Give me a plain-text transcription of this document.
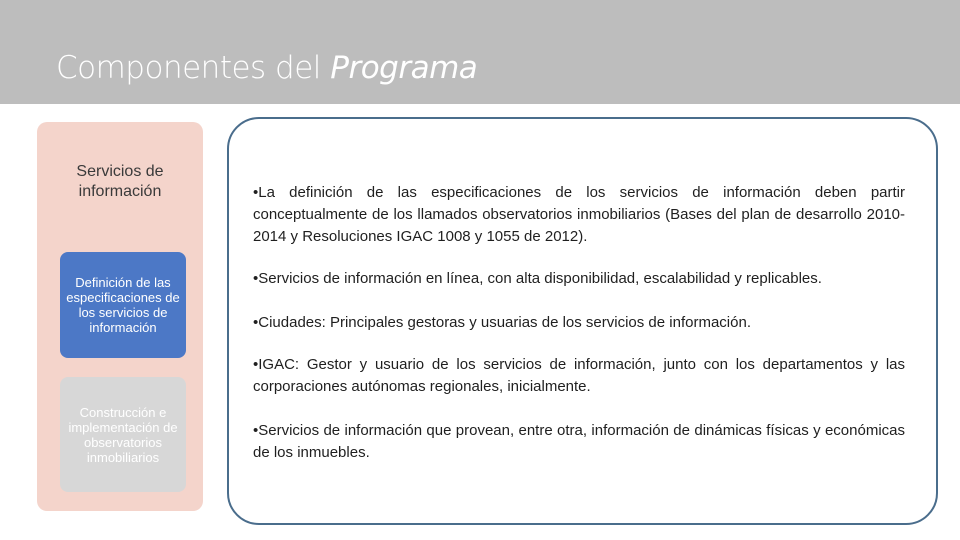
Componentes del Programa
Servicios de información
Definición de las especificaciones de los servicios de información
Construcción e implementación de observatorios inmobiliarios
•La definición de las especificaciones de los servicios de información deben partir conceptualmente de los llamados observatorios inmobiliarios (Bases del plan de desarrollo 2010-2014 y Resoluciones IGAC 1008 y 1055 de 2012).
•Servicios de información en línea, con alta disponibilidad, escalabilidad y replicables.
•Ciudades: Principales gestoras y usuarias de los servicios de información.
•IGAC: Gestor y usuario de los servicios de información, junto con los departamentos y las corporaciones autónomas regionales, inicialmente.
•Servicios de información que provean, entre otra, información de dinámicas físicas y económicas de los inmuebles.
